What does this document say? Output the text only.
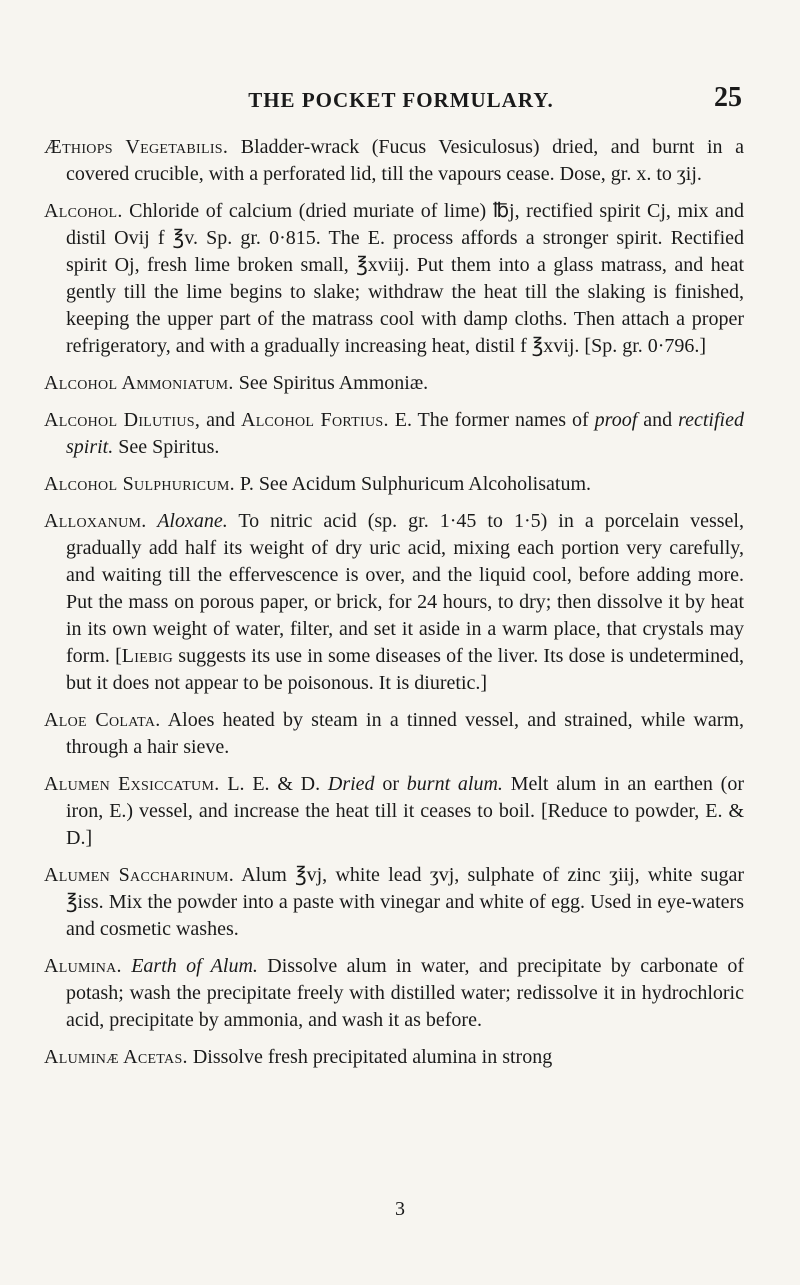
THE POCKET FORMULARY.	25

Æthiops Vegetabilis. Bladder-wrack (Fucus Vesiculosus) dried, and burnt in a covered crucible, with a perforated lid, till the vapours cease. Dose, gr. x. to ʒij.

Alcohol. Chloride of calcium (dried muriate of lime) ℔j, rectified spirit Cj, mix and distil Ovij f ℥v. Sp. gr. 0·815. The E. process affords a stronger spirit. Rectified spirit Oj, fresh lime broken small, ℥xviij. Put them into a glass matrass, and heat gently till the lime begins to slake; withdraw the heat till the slaking is finished, keeping the upper part of the matrass cool with damp cloths. Then attach a proper refrigeratory, and with a gradually increasing heat, distil f ℥xvij. [Sp. gr. 0·796.]

Alcohol Ammoniatum. See Spiritus Ammoniæ.

Alcohol Dilutius, and Alcohol Fortius. E. The former names of proof and rectified spirit. See Spiritus.

Alcohol Sulphuricum. P. See Acidum Sulphuricum Alcoholisatum.

Alloxanum. Aloxane. To nitric acid (sp. gr. 1·45 to 1·5) in a porcelain vessel, gradually add half its weight of dry uric acid, mixing each portion very carefully, and waiting till the effervescence is over, and the liquid cool, before adding more. Put the mass on porous paper, or brick, for 24 hours, to dry; then dissolve it by heat in its own weight of water, filter, and set it aside in a warm place, that crystals may form. [Liebig suggests its use in some diseases of the liver. Its dose is undetermined, but it does not appear to be poisonous. It is diuretic.]

Aloe Colata. Aloes heated by steam in a tinned vessel, and strained, while warm, through a hair sieve.

Alumen Exsiccatum. L. E. & D. Dried or burnt alum. Melt alum in an earthen (or iron, E.) vessel, and increase the heat till it ceases to boil. [Reduce to powder, E. & D.]

Alumen Saccharinum. Alum ℥vj, white lead ʒvj, sulphate of zinc ʒiij, white sugar ℥iss. Mix the powder into a paste with vinegar and white of egg. Used in eye-waters and cosmetic washes.

Alumina. Earth of Alum. Dissolve alum in water, and precipitate by carbonate of potash; wash the precipitate freely with distilled water; redissolve it in hydrochloric acid, precipitate by ammonia, and wash it as before.

Aluminæ Acetas. Dissolve fresh precipitated alumina in strong

3
